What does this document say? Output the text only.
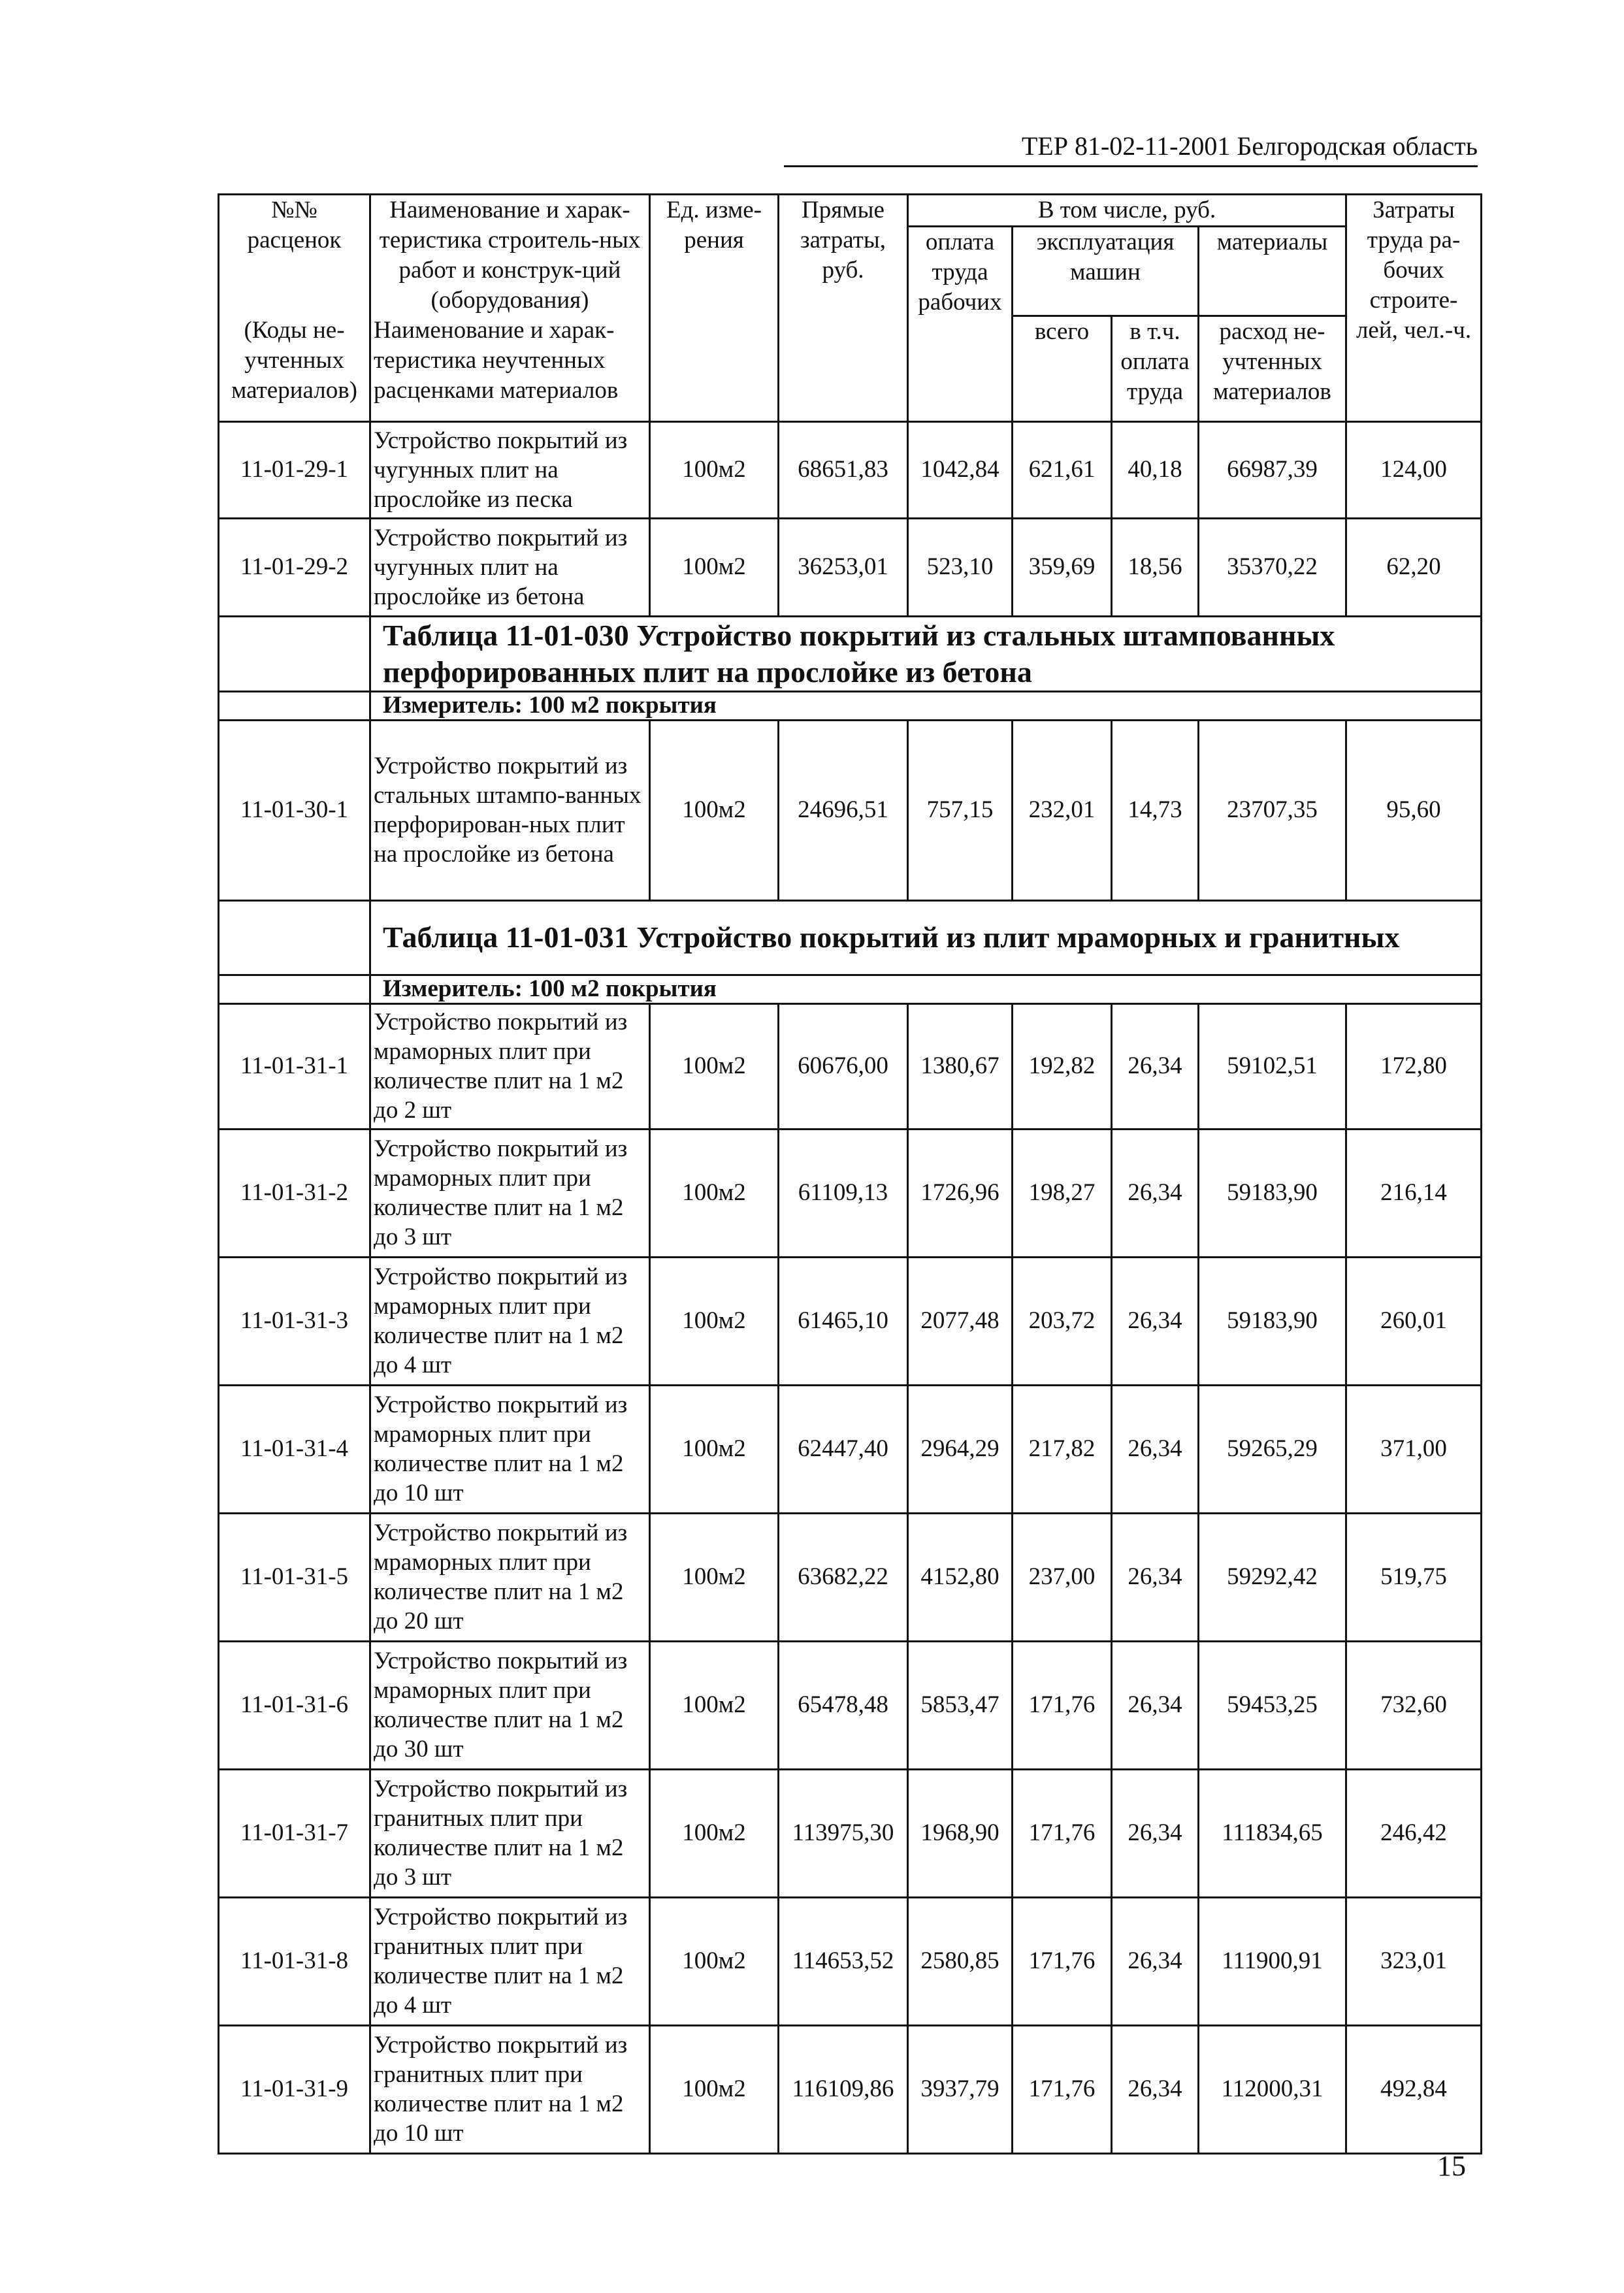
ТЕР 81-02-11-2001 Белгородская область
№№ расценок	Наименование и харак-теристика строитель-ных работ и конструк-ций (оборудования)	Ед. изме-рения	Прямые затраты, руб.	В том числе, руб.				Затраты труда ра-бочих строите-лей, чел.-ч.
				оплата труда рабочих	эксплуатация машин		материалы	

(Коды не-учтенных материалов)	Наименование и харак-теристика неучтенных расценками материалов				всего	в т.ч. оплата труда	расход не-учтенных материалов	

11-01-29-1	Устройство покрытий из чугунных плит на прослойке из песка	100м2	68651,83	1042,84	621,61	40,18	66987,39	124,00
11-01-29-2	Устройство покрытий из чугунных плит на прослойке из бетона	100м2	36253,01	523,10	359,69	18,56	35370,22	62,20
	Таблица 11-01-030 Устройство покрытий из стальных штампованных перфорированных плит на прослойке из бетона							
	Измеритель: 100 м2 покрытия							
11-01-30-1	Устройство покрытий из стальных штампо-ванных перфорирован-ных плит на прослойке из бетона	100м2	24696,51	757,15	232,01	14,73	23707,35	95,60
	Таблица 11-01-031 Устройство покрытий из плит мраморных и гранитных							
	Измеритель: 100 м2 покрытия							
11-01-31-1	Устройство покрытий из мраморных плит при количестве плит на 1 м2 до 2 шт	100м2	60676,00	1380,67	192,82	26,34	59102,51	172,80
11-01-31-2	Устройство покрытий из мраморных плит при количестве плит на 1 м2 до 3 шт	100м2	61109,13	1726,96	198,27	26,34	59183,90	216,14
11-01-31-3	Устройство покрытий из мраморных плит при количестве плит на 1 м2 до 4 шт	100м2	61465,10	2077,48	203,72	26,34	59183,90	260,01
11-01-31-4	Устройство покрытий из мраморных плит при количестве плит на 1 м2 до 10 шт	100м2	62447,40	2964,29	217,82	26,34	59265,29	371,00
11-01-31-5	Устройство покрытий из мраморных плит при количестве плит на 1 м2 до 20 шт	100м2	63682,22	4152,80	237,00	26,34	59292,42	519,75
11-01-31-6	Устройство покрытий из мраморных плит при количестве плит на 1 м2 до 30 шт	100м2	65478,48	5853,47	171,76	26,34	59453,25	732,60
11-01-31-7	Устройство покрытий из гранитных плит при количестве плит на 1 м2 до 3 шт	100м2	113975,30	1968,90	171,76	26,34	111834,65	246,42
11-01-31-8	Устройство покрытий из гранитных плит при количестве плит на 1 м2 до 4 шт	100м2	114653,52	2580,85	171,76	26,34	111900,91	323,01
11-01-31-9	Устройство покрытий из гранитных плит при количестве плит на 1 м2 до 10 шт	100м2	116109,86	3937,79	171,76	26,34	112000,31	492,84
15
